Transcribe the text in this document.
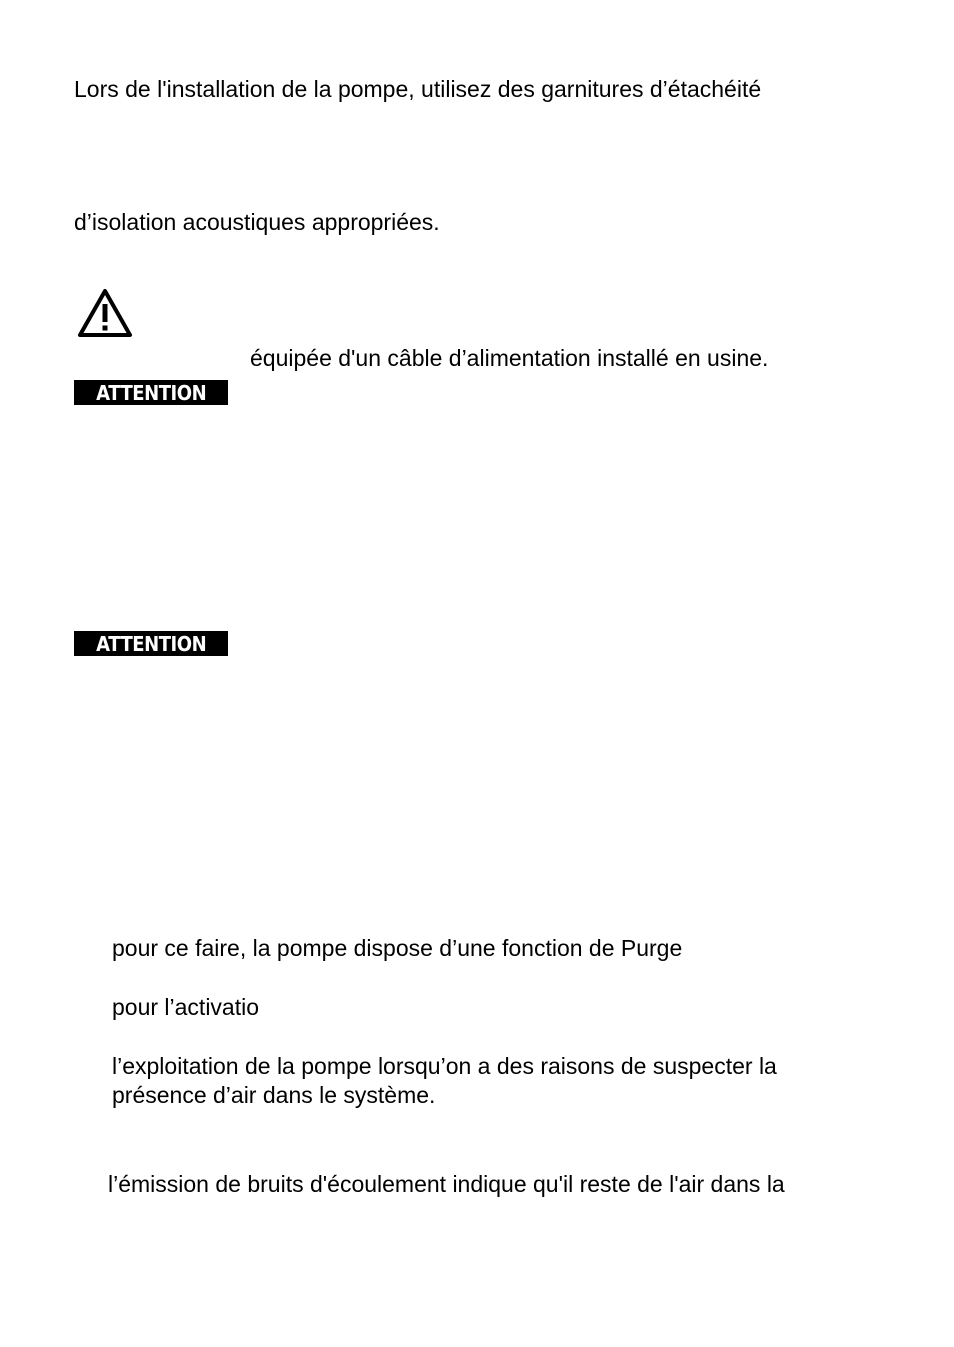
Lors de l'installation de la pompe, utilisez des garnitures d’étachéité

d’isolation acoustiques appropriées.

équipée d'un câble d’alimentation installé en usine.

ATTENTION
ATTENTION

pour ce faire, la pompe dispose d’une fonction de Purge

pour l’activatio

l’exploitation de la pompe lorsqu’on a des raisons de suspecter la

présence d’air dans le système.

l’émission de bruits d'écoulement indique qu'il reste de l'air dans la
